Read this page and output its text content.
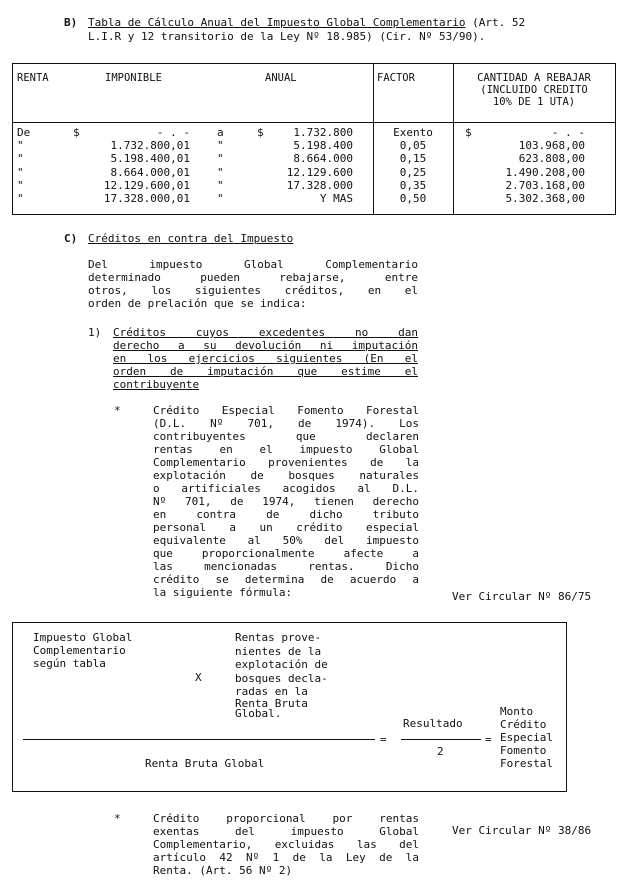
B) Tabla de Cálculo Anual del Impuesto Global Complementario (Art. 52
L.I.R y 12 transitorio de la Ley Nº 18.985) (Cir. Nº 53/90).
RENTA	IMPONIBLE	ANUAL	FACTOR	CANTIDAD A REBAJAR
(INCLUIDO CREDITO
10% DE 1 UTA)
De	$	- . - a	$	1.732.800	Exento	$	- . -
"	1.732.800,01 "	5.198.400	0,05	103.968,00
"	5.198.400,01 "	8.664.000	0,15	623.808,00
"	8.664.000,01 "	12.129.600	0,25	1.490.208,00
"	12.129.600,01 "	17.328.000	0,35	2.703.168,00
"	17.328.000,01 "	Y MAS	0,50	5.302.368,00
C) Créditos en contra del Impuesto
Del impuesto Global Complementario
determinado pueden rebajarse, entre
otros, los siguientes créditos, en el
orden de prelación que se indica:
1) Créditos cuyos excedentes no dan
derecho a su devolución ni imputación
en los ejercicios siguientes (En el
orden de imputación que estime el
contribuyente
*	Crédito Especial Fomento Forestal
(D.L. Nº 701, de 1974). Los
contribuyentes que declaren
rentas en el impuesto Global
Complementario provenientes de la
explotación de bosques naturales
o artificiales acogidos al D.L.
Nº 701, de 1974, tienen derecho
en contra de dicho tributo
personal a un crédito especial
equivalente al 50% del impuesto
que proporcionalmente afecte a
las mencionadas rentas. Dicho
crédito se determina de acuerdo a
la siguiente fórmula:	Ver Circular Nº 86/75
Impuesto Global
Complementario
según tabla
X
Rentas prove-
nientes de la
explotación de
bosques decla-
radas en la
Renta Bruta
Global.
Resultado
=	=
2
Renta Bruta Global
Monto
Crédito
Especial
Fomento
Forestal
*	Crédito proporcional por rentas
exentas del impuesto Global
Complementario, excluidas las del
artículo 42 Nº 1 de la Ley de la
Renta. (Art. 56 Nº 2)
Ver Circular Nº 38/86
